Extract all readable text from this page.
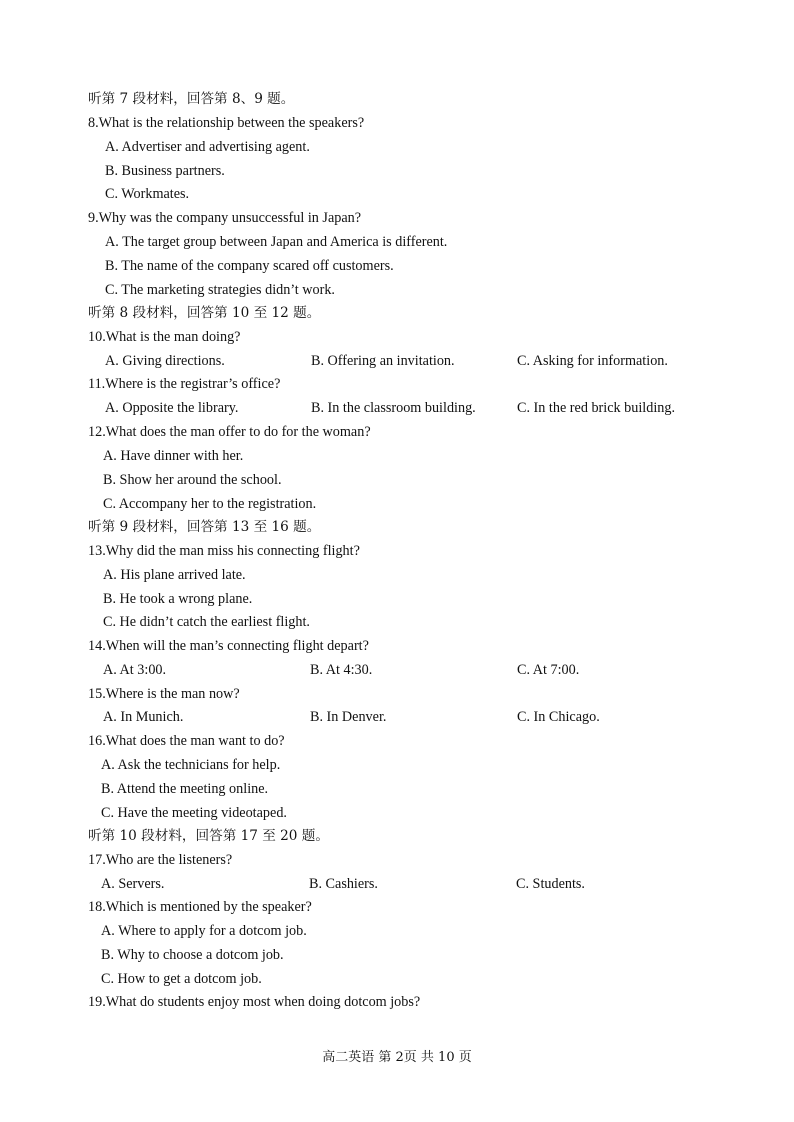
听第 7 段材料，回答第 8、9 题。
8.What is the relationship between the speakers?
A. Advertiser and advertising agent.
B. Business partners.
C. Workmates.
9.Why was the company unsuccessful in Japan?
A. The target group between Japan and America is different.
B. The name of the company scared off customers.
C. The marketing strategies didn’t work.
听第 8 段材料，回答第 10 至 12 题。
10.What is the man doing?
A. Giving directions.	B. Offering an invitation.	C. Asking for information.
11.Where is the registrar’s office?
A. Opposite the library.	B. In the classroom building.	C. In the red brick building.
12.What does the man offer to do for the woman?
A. Have dinner with her.
B. Show her around the school.
C. Accompany her to the registration.
听第 9 段材料，回答第 13 至 16 题。
13.Why did the man miss his connecting flight?
A. His plane arrived late.
B. He took a wrong plane.
C. He didn’t catch the earliest flight.
14.When will the man’s connecting flight depart?
A. At 3:00.	B. At 4:30.	C. At 7:00.
15.Where is the man now?
A. In Munich.	B. In Denver.	C. In Chicago.
16.What does the man want to do?
A. Ask the technicians for help.
B. Attend the meeting online.
C. Have the meeting videotaped.
听第 10 段材料，回答第 17 至 20 题。
17.Who are the listeners?
A. Servers.	B. Cashiers.	C. Students.
18.Which is mentioned by the speaker?
A. Where to apply for a dotcom job.
B. Why to choose a dotcom job.
C. How to get a dotcom job.
19.What do students enjoy most when doing dotcom jobs?
高二英语 第 2页 共 10 页
